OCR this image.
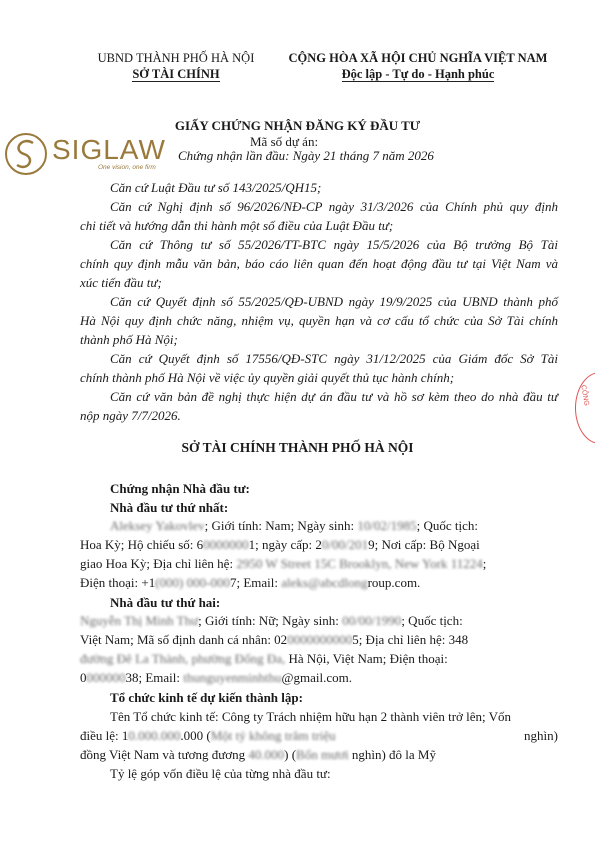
UBND THÀNH PHỐ HÀ NỘI
SỞ TÀI CHÍNH
CỘNG HÒA XÃ HỘI CHỦ NGHĨA VIỆT NAM
Độc lập - Tự do - Hạnh phúc
GIẤY CHỨNG NHẬN ĐĂNG KÝ ĐẦU TƯ
Mã số dự án:
Chứng nhận lần đầu: Ngày 21 tháng 7 năm 2026
SIGLAW
One vision, one firm
Căn cứ Luật Đầu tư số 143/2025/QH15;
Căn cứ Nghị định số 96/2026/NĐ-CP ngày 31/3/2026 của Chính phủ quy định
chi tiết và hướng dẫn thi hành một số điều của Luật Đầu tư;
Căn cứ Thông tư số 55/2026/TT-BTC ngày 15/5/2026 của Bộ trưởng Bộ Tài
chính quy định mẫu văn bản, báo cáo liên quan đến hoạt động đầu tư tại Việt Nam và
xúc tiến đầu tư;
Căn cứ Quyết định số 55/2025/QĐ-UBND ngày 19/9/2025 của UBND thành phố
Hà Nội quy định chức năng, nhiệm vụ, quyền hạn và cơ cấu tổ chức của Sở Tài chính
thành phố Hà Nội;
Căn cứ Quyết định số 17556/QĐ-STC ngày 31/12/2025 của Giám đốc Sở Tài
chính thành phố Hà Nội về việc ủy quyền giải quyết thủ tục hành chính;
Căn cứ văn bản đề nghị thực hiện dự án đầu tư và hồ sơ kèm theo do nhà đầu tư
nộp ngày 7/7/2026.
SỞ TÀI CHÍNH THÀNH PHỐ HÀ NỘI
Chứng nhận Nhà đầu tư:
Nhà đầu tư thứ nhất:
Aleksey Yakovlev; Giới tính: Nam; Ngày sinh: 10/02/1985; Quốc tịch:
Hoa Kỳ; Hộ chiếu số: 600000001; ngày cấp: 20/00/2019; Nơi cấp: Bộ Ngoại
giao Hoa Kỳ; Địa chỉ liên hệ: 2950 W Street 15C Brooklyn, New York 11224;
Điện thoại: +1(000) 000-0007; Email: aleks@abcdlongroup.com.
Nhà đầu tư thứ hai:
Nguyễn Thị Minh Thư; Giới tính: Nữ; Ngày sinh: 00/00/1990; Quốc tịch:
Việt Nam; Mã số định danh cá nhân: 0200000000005; Địa chỉ liên hệ: 348
đường Đê La Thành, phường Đống Đa, Hà Nội, Việt Nam; Điện thoại:
000000038; Email: thunguyenminhthu@gmail.com.
Tổ chức kinh tế dự kiến thành lập:
Tên Tổ chức kinh tế: Công ty Trách nhiệm hữu hạn 2 thành viên trở lên; Vốn
điều lệ: 10.000.000.000 (Một tỷ không trăm triệu	nghìn)
đồng Việt Nam và tương đương 40.000) (Bốn mươi nghìn) đô la Mỹ
Tỷ lệ góp vốn điều lệ của từng nhà đầu tư:
CÔNG
